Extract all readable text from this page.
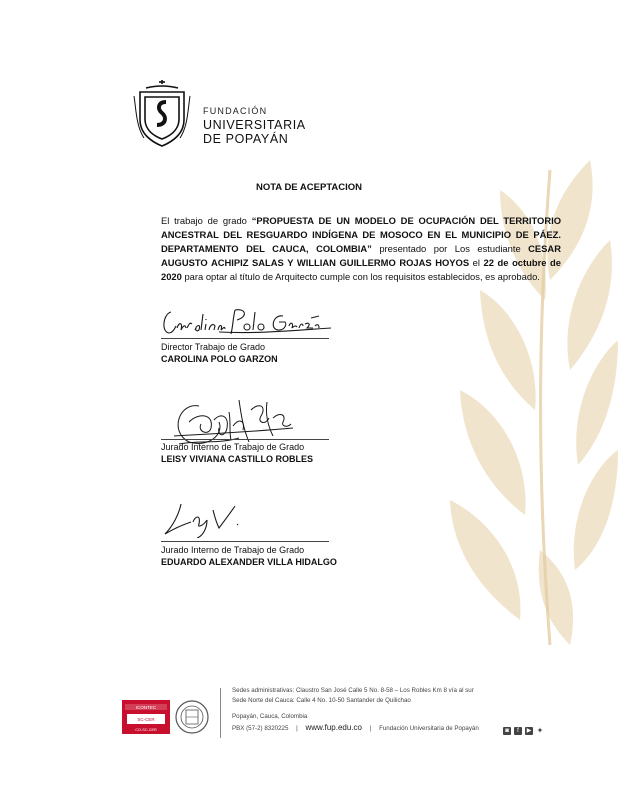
FUNDACIÓN
UNIVERSITARIA
DE POPAYÁN
NOTA DE ACEPTACION
El trabajo de grado “PROPUESTA DE UN MODELO DE OCUPACIÓN DEL TERRITORIO ANCESTRAL DEL RESGUARDO INDÍGENA DE MOSOCO EN EL MUNICIPIO DE PÁEZ. DEPARTAMENTO DEL CAUCA, COLOMBIA” presentado por Los estudiante CESAR AUGUSTO ACHIPIZ SALAS Y WILLIAN GUILLERMO ROJAS HOYOS el 22 de octubre de 2020 para optar al título de Arquitecto cumple con los requisitos establecidos, es aprobado.
Director Trabajo de Grado
CAROLINA POLO GARZON
Jurado Interno de Trabajo de Grado
LEISY VIVIANA CASTILLO ROBLES
Jurado Interno de Trabajo de Grado
EDUARDO ALEXANDER VILLA HIDALGO
ICONTEC
SC-CER
CO-SC-CER
Sedes administrativas: Claustro San José Calle 5 No. 8-58 – Los Robles Km 8 vía al sur
Sede Norte del Cauca: Calle 4 No. 10-50 Santander de Quilichao
Popayán, Cauca, Colombia
PBX (57-2) 8320225 | www.fup.edu.co | Fundación Universitaria de Popayán	◙	f	▶ ✦
